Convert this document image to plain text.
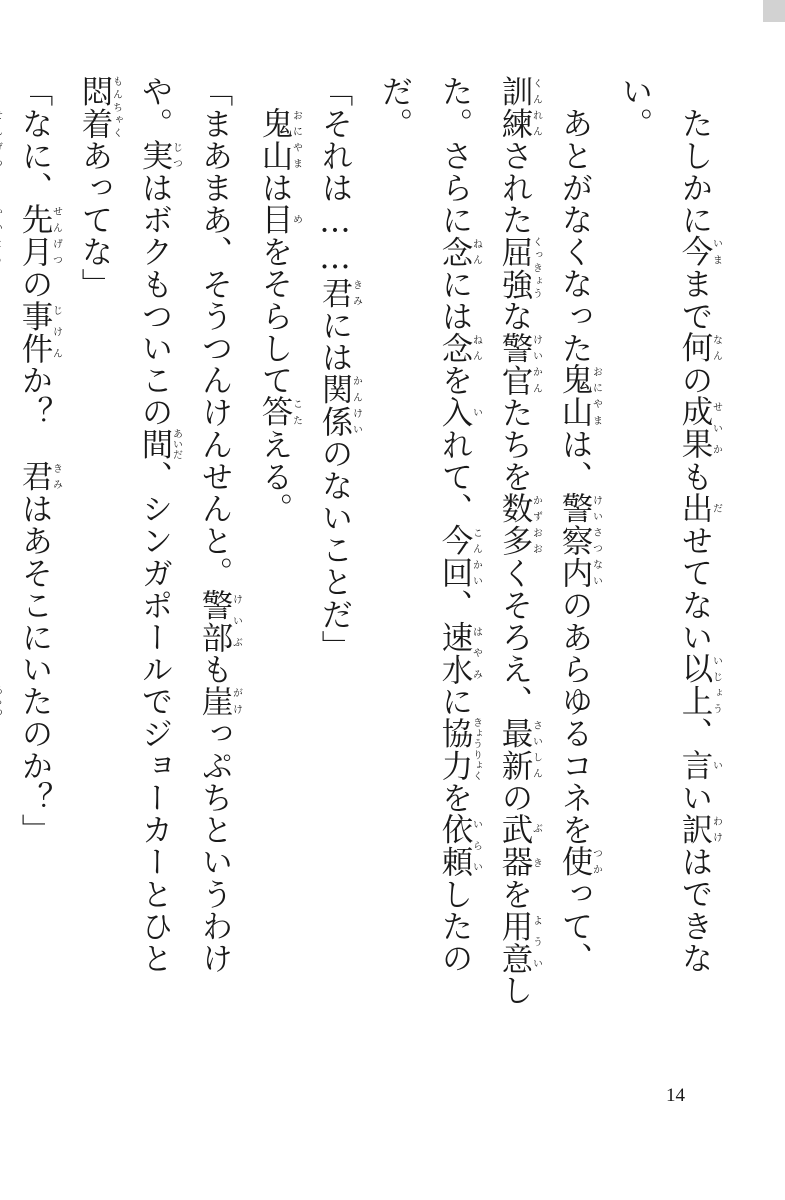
たしかに今いままで何なんの成果せいかも出だせてない以上いじょう、言いい訳わけはできない。

あとがなくなった鬼山おにやまは、警察内けいさつないのあらゆるコネを使つかって、訓練くんれんされた屈強くっきょうな警官けいかんたちを数多かずおおくそろえ、最新さいしんの武器ぶきを用意よういした。さらに念ねんには念ねんを入いれて、今回こんかい、速水はやみに協力きょうりょくを依頼いらいしたのだ。

「それは……君きみには関係かんけいのないことだ」

鬼山おにやまは目めをそらして答こたえる。

「まあまあ、そうつんけんせんと。警部けいぶも崖がけっぷちというわけや。実じつはボクもついこの間あいだ、シンガポールでジョーカーとひと悶着もんちゃくあってな」

「なに、先月せんげつの事件じけんか？　君きみはあそこにいたのか？」

14
